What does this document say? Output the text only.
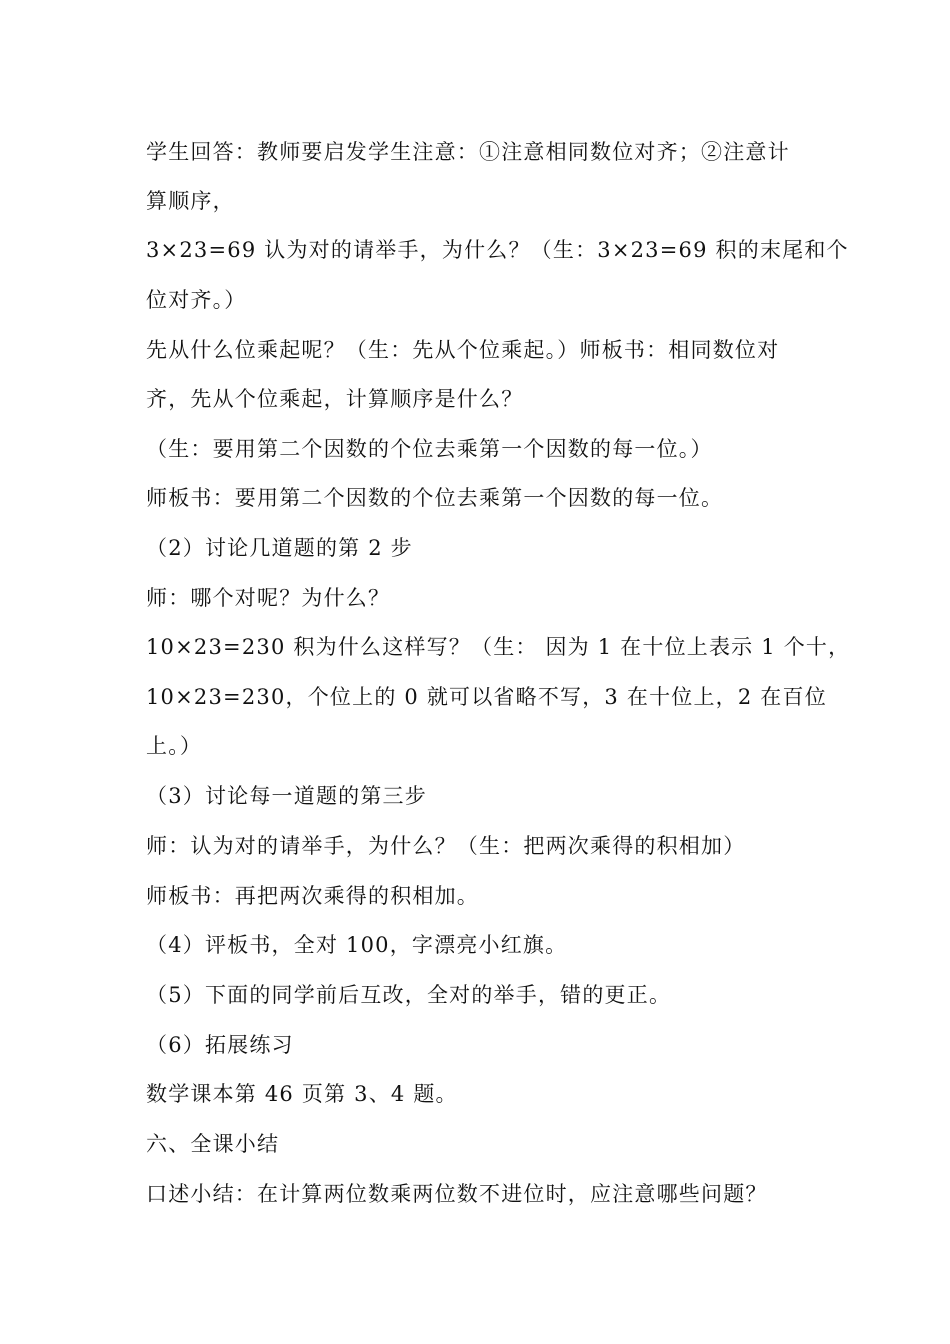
学生回答：教师要启发学生注意：①注意相同数位对齐；②注意计
算顺序，
3×23=69 认为对的请举手，为什么？（生：3×23=69 积的末尾和个
位对齐。）
先从什么位乘起呢？（生：先从个位乘起。）师板书：相同数位对
齐，先从个位乘起，计算顺序是什么？
（生：要用第二个因数的个位去乘第一个因数的每一位。）
师板书：要用第二个因数的个位去乘第一个因数的每一位。
（2）讨论几道题的第 2 步
师：哪个对呢？为什么？
10×23=230 积为什么这样写？（生： 因为 1 在十位上表示 1 个十，
10×23=230，个位上的 0 就可以省略不写，3 在十位上，2 在百位
上。）
（3）讨论每一道题的第三步
师：认为对的请举手，为什么？（生：把两次乘得的积相加）
师板书：再把两次乘得的积相加。
（4）评板书，全对 100，字漂亮小红旗。
（5）下面的同学前后互改，全对的举手，错的更正。
（6）拓展练习
数学课本第 46 页第 3、4 题。
六、全课小结
口述小结：在计算两位数乘两位数不进位时，应注意哪些问题？
